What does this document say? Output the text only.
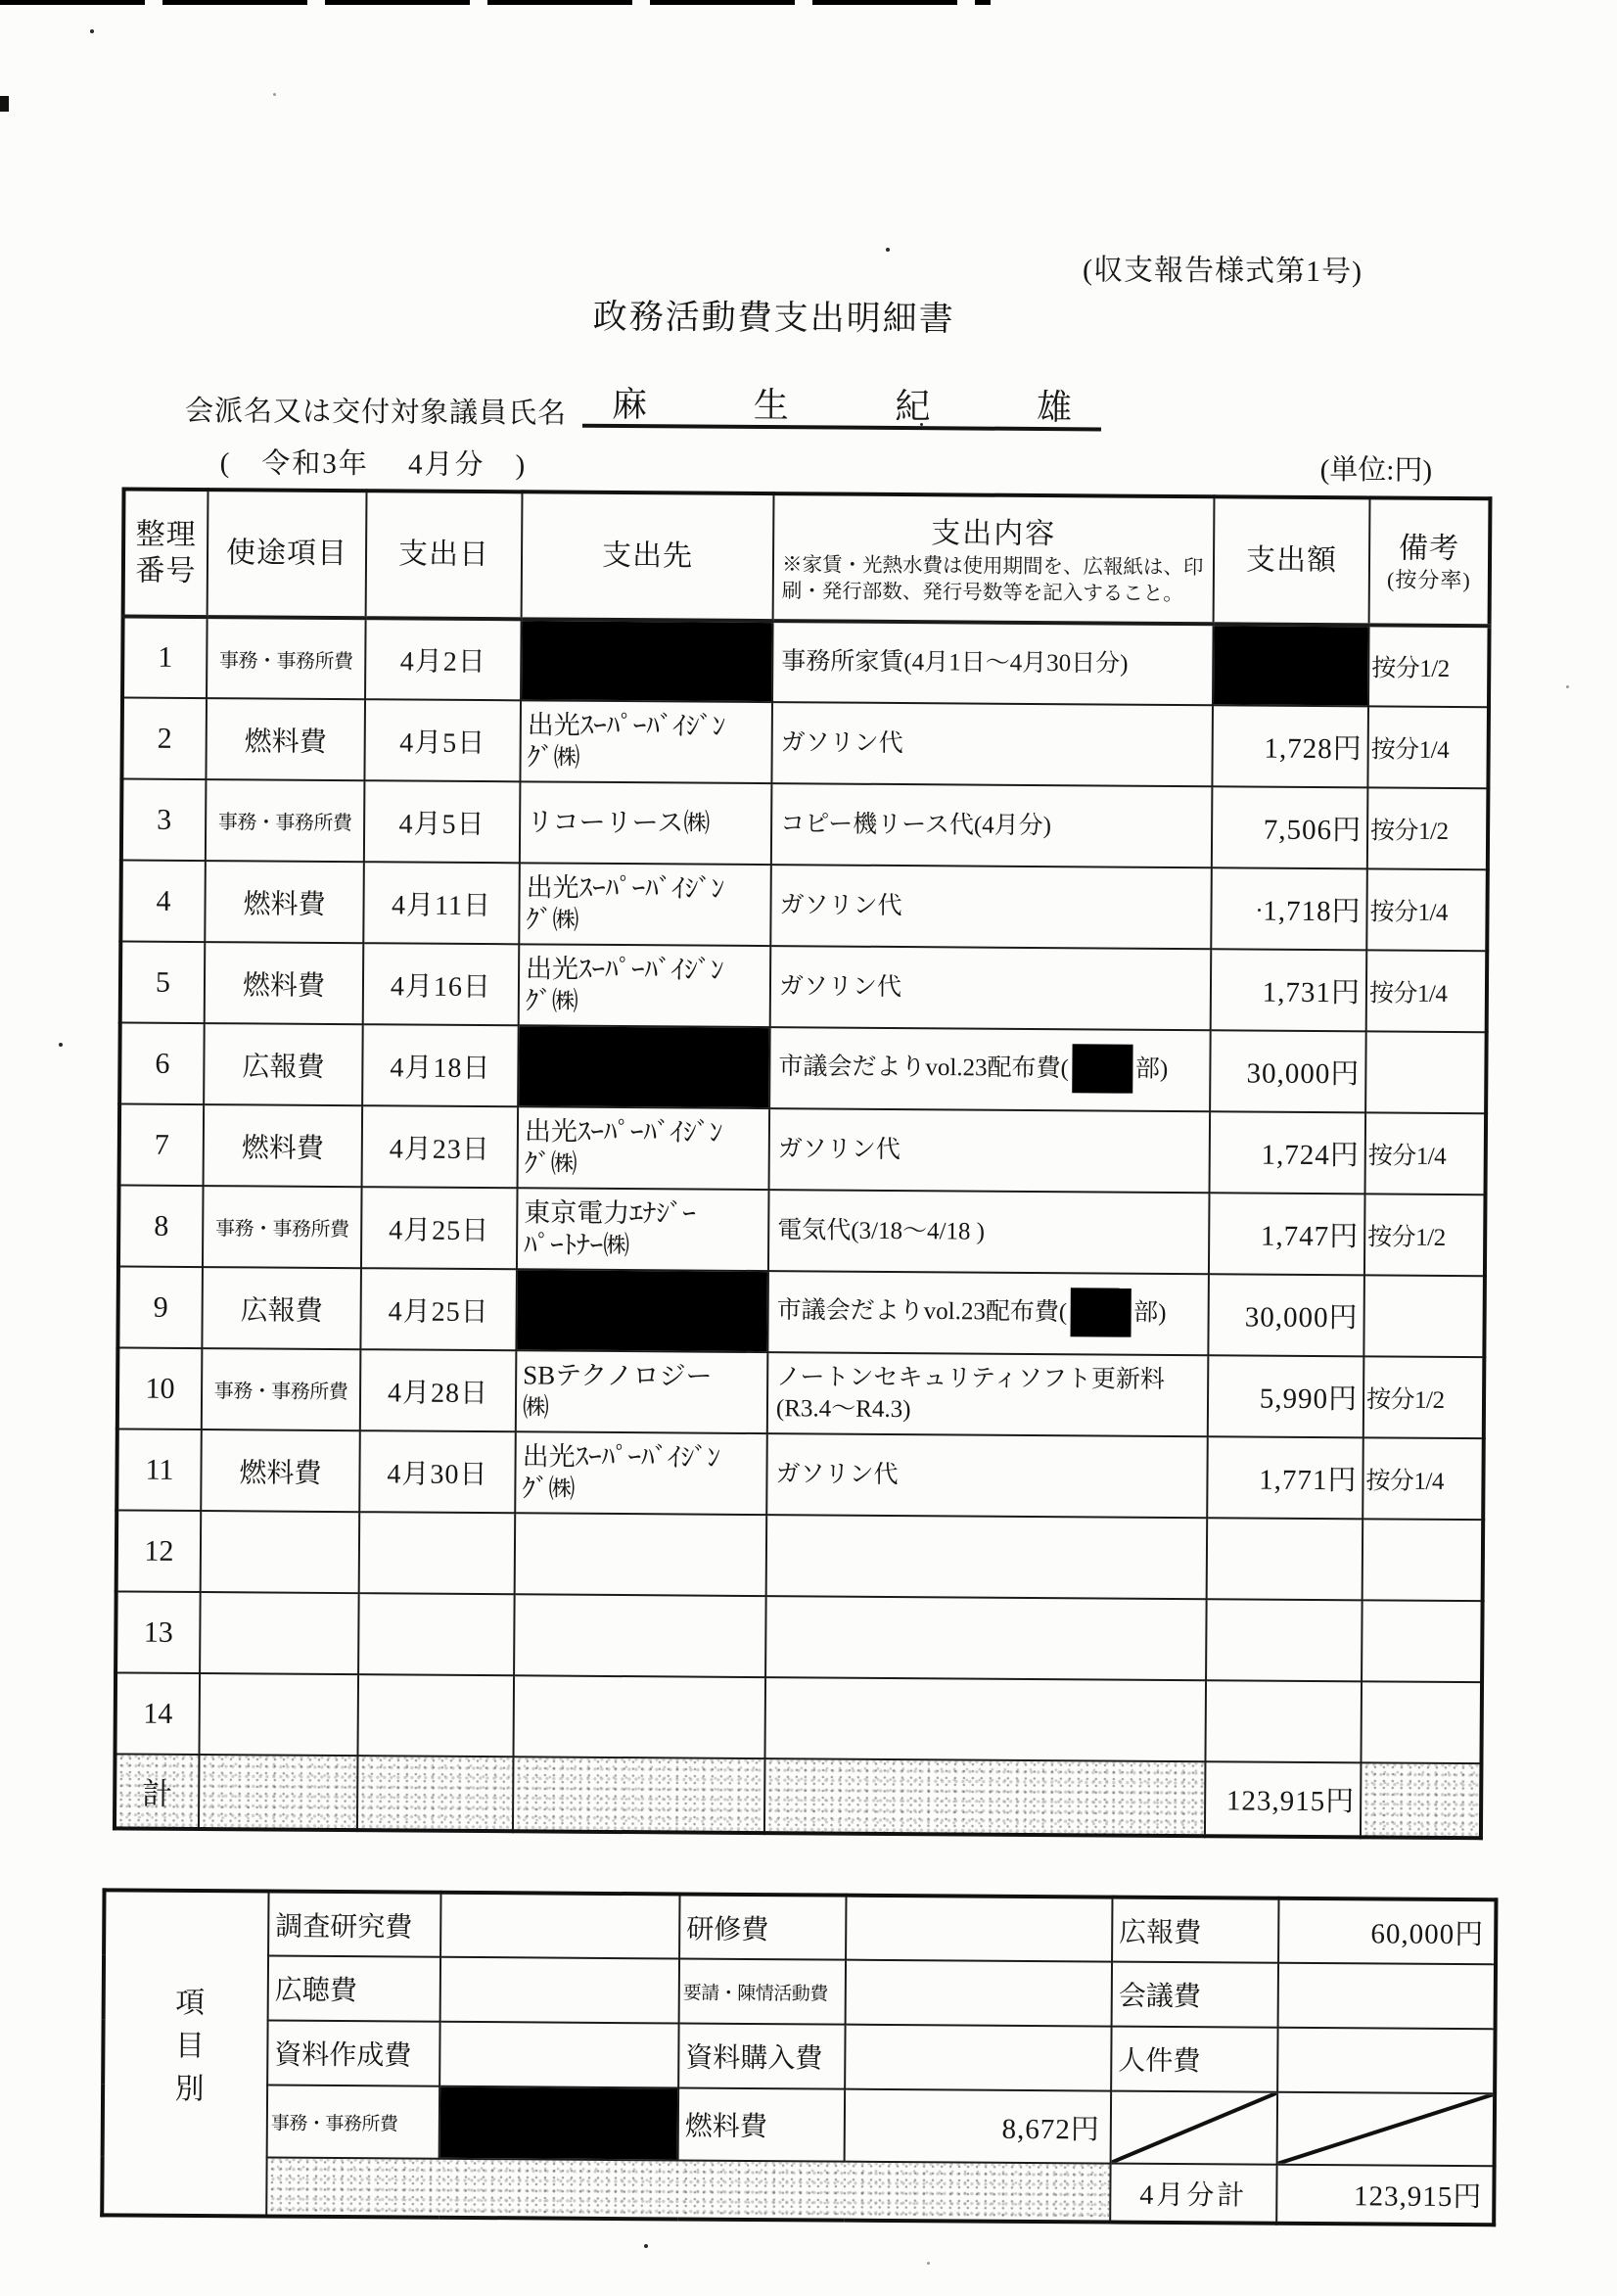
(収支報告様式第1号)
政務活動費支出明細書
会派名又は交付対象議員氏名 麻	生	紀	雄
(　令和3年　 4月分　)	(単位:円)
整理
番号	使途項目	支出日	支出先	
支出内容
※家賃・光熱水費は使用期間を、広報紙は、印刷・発行部数、発行号数等を記入すること。
	支出額	備考
(按分率)

1	事務・事務所費	4月2日		事務所家賃(4月1日〜4月30日分)		按分1/2
2	燃料費	4月5日	出光ｽｰﾊﾟｰﾊﾞｲｼﾞﾝ
ｸﾞ㈱	ガソリン代	1,728円	按分1/4
3	事務・事務所費	4月5日	リコーリース㈱	コピー機リース代(4月分)	7,506円	按分1/2
4	燃料費	4月11日	出光ｽｰﾊﾟｰﾊﾞｲｼﾞﾝ
ｸﾞ㈱	ガソリン代	1,718円	按分1/4
5	燃料費	4月16日	出光ｽｰﾊﾟｰﾊﾞｲｼﾞﾝ
ｸﾞ㈱	ガソリン代	1,731円	按分1/4
6	広報費	4月18日		市議会だよりvol.23配布費( 部)	30,000円	
7	燃料費	4月23日	出光ｽｰﾊﾟｰﾊﾞｲｼﾞﾝ
ｸﾞ㈱	ガソリン代	1,724円	按分1/4
8	事務・事務所費	4月25日	東京電力ｴﾅｼﾞｰ
ﾊﾟｰﾄﾅｰ㈱	電気代(3/18〜4/18 )	1,747円	按分1/2
9	広報費	4月25日		市議会だよりvol.23配布費( 部)	30,000円	
10	事務・事務所費	4月28日	SBテクノロジー
㈱	ノートンセキュリティソフト更新料
(R3.4〜R4.3)	5,990円	按分1/2
11	燃料費	4月30日	出光ｽｰﾊﾟｰﾊﾞｲｼﾞﾝ
ｸﾞ㈱	ガソリン代	1,771円	按分1/4
12						
13						
14						
計					123,915円	
項目別	調査研究費		研修費		広報費	60,000円
	広聴費		要請・陳情活動費		会議費	
	資料作成費		資料購入費		人件費	
	事務・事務所費		燃料費	8,672円	

					4月分計	123,915円
